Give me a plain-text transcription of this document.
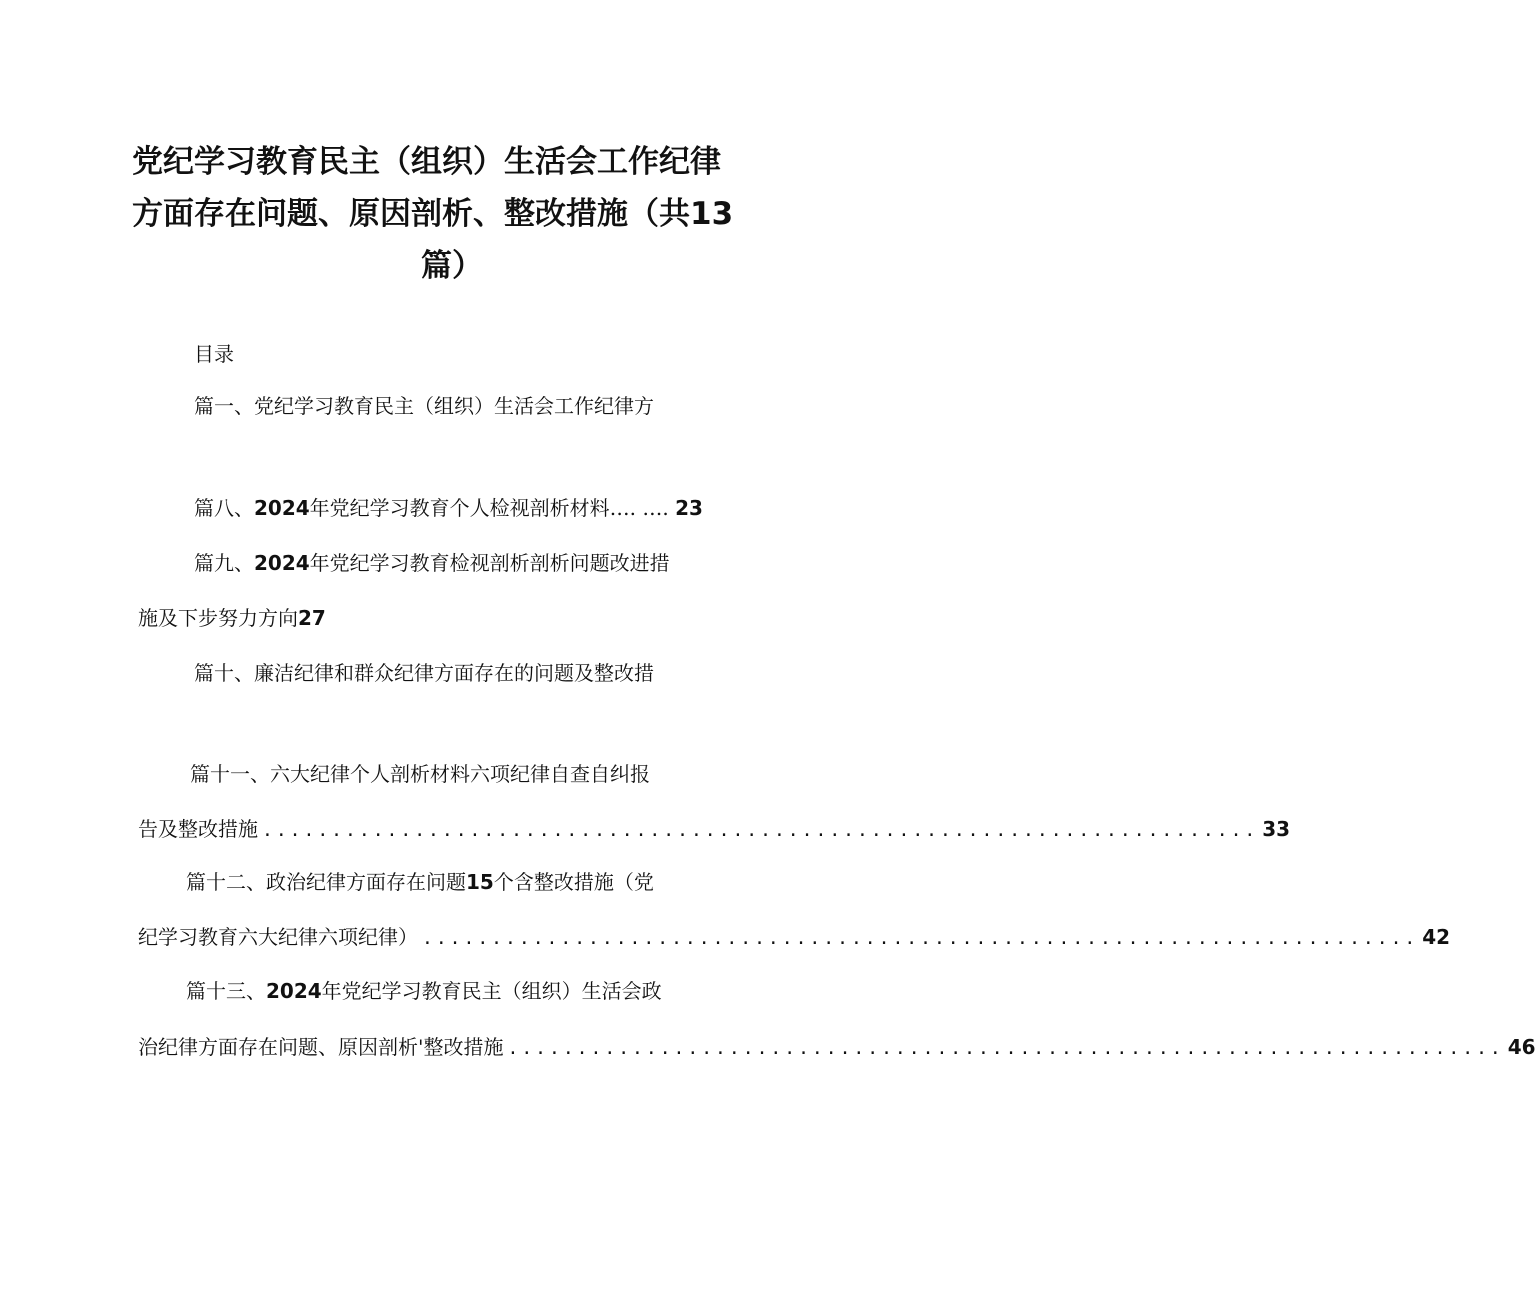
党纪学习教育民主（组织）生活会工作纪律
方面存在问题、原因剖析、整改措施（共13
篇）
目录
篇一、党纪学习教育民主（组织）生活会工作纪律方
篇八、2024年党纪学习教育个人检视剖析材料…. …. 23
篇九、2024年党纪学习教育检视剖析剖析问题改进措
施及下步努力方向27
篇十、廉洁纪律和群众纪律方面存在的问题及整改措
篇十一、六大纪律个人剖析材料六项纪律自查自纠报
告及整改措施 ........................................................................ 33
篇十二、政治纪律方面存在问题15个含整改措施（党
纪学习教育六大纪律六项纪律） ........................................................................ 42
篇十三、2024年党纪学习教育民主（组织）生活会政
治纪律方面存在问题、原因剖析'整改措施 ........................................................................ 46
